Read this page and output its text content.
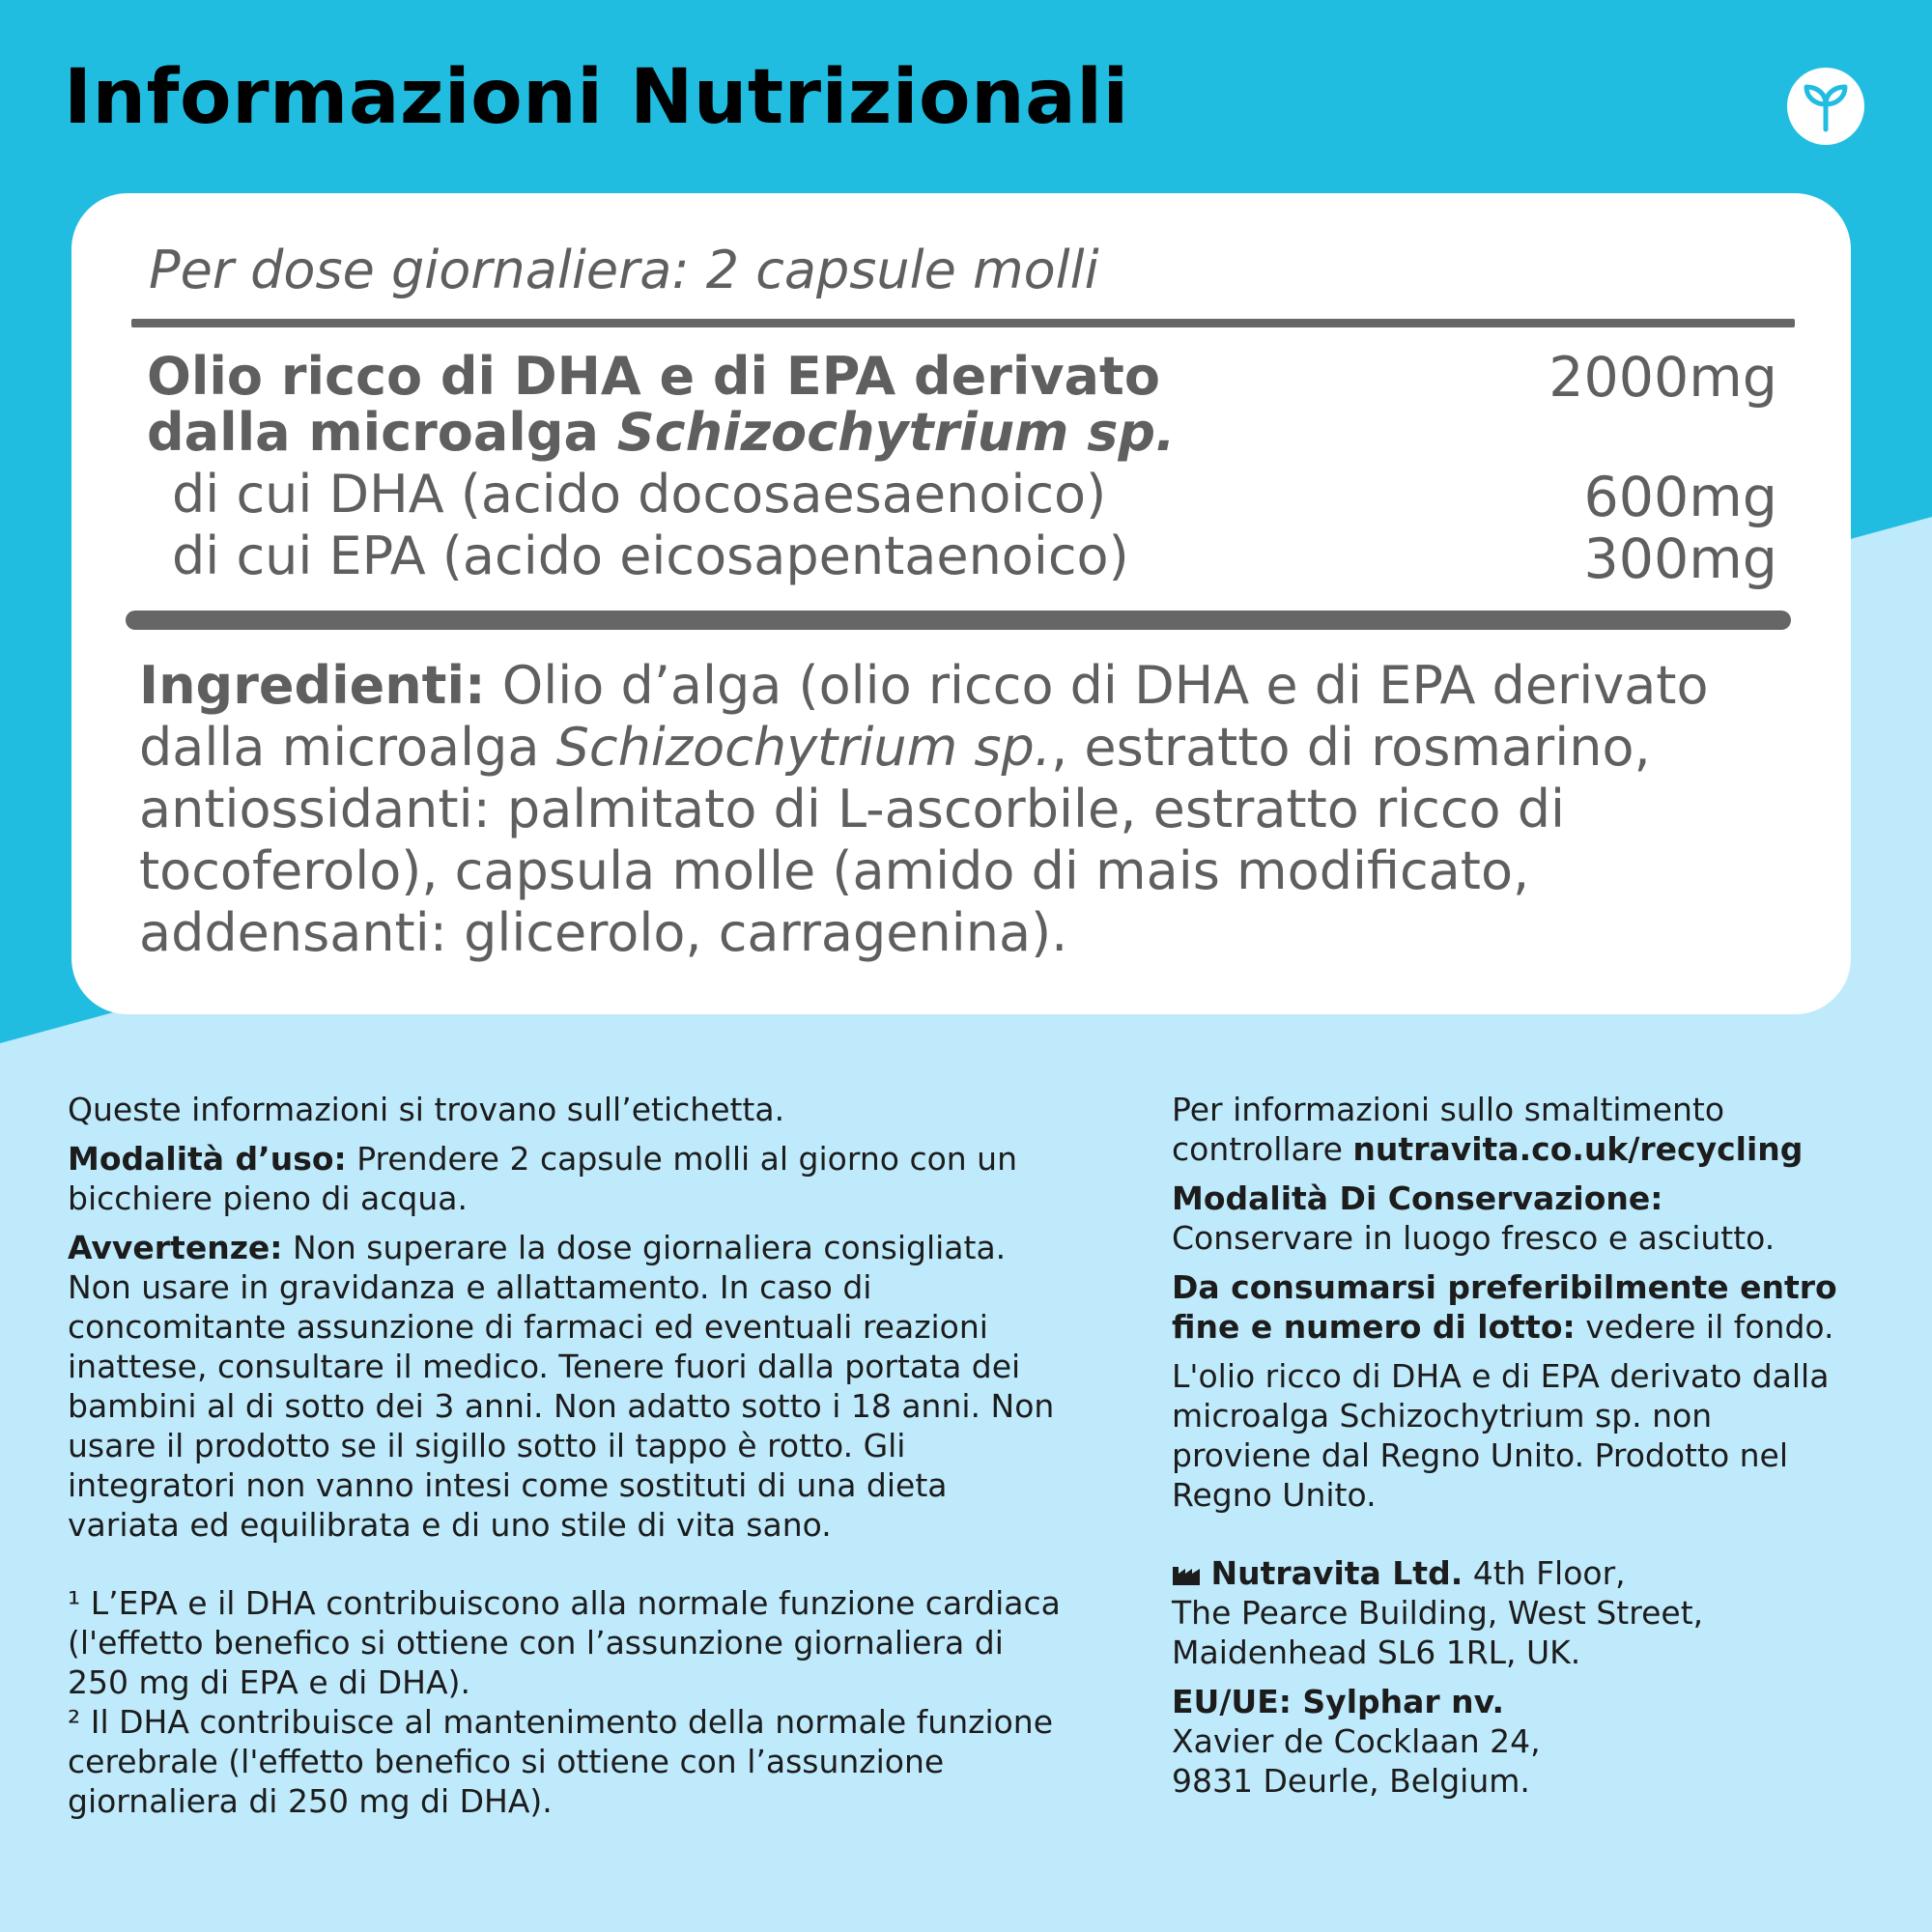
Informazioni Nutrizionali
Per dose giornaliera: 2 capsule molli
Olio ricco di DHA e di EPA derivato
dalla microalga Schizochytrium sp.
2000mg
di cui DHA (acido docosaesaenoico)	600mg
di cui EPA (acido eicosapentaenoico)	300mg
Ingredienti: Olio d’alga (olio ricco di DHA e di EPA derivato dalla microalga Schizochytrium sp., estratto di rosmarino, antiossidanti: palmitato di L-ascorbile, estratto ricco di tocoferolo), capsula molle (amido di mais modificato, addensanti: glicerolo, carragenina).

Queste informazioni si trovano sull’etichetta.

Modalità d’uso: Prendere 2 capsule molli al giorno con un bicchiere pieno di acqua.

Avvertenze: Non superare la dose giornaliera consigliata. Non usare in gravidanza e allattamento. In caso di concomitante assunzione di farmaci ed eventuali reazioni inattese, consultare il medico. Tenere fuori dalla portata dei bambini al di sotto dei 3 anni. Non adatto sotto i 18 anni. Non usare il prodotto se il sigillo sotto il tappo è rotto. Gli integratori non vanno intesi come sostituti di una dieta variata ed equilibrata e di uno stile di vita sano.

¹ L’EPA e il DHA contribuiscono alla normale funzione cardiaca (l'effetto benefico si ottiene con l’assunzione giornaliera di 250 mg di EPA e di DHA).

² Il DHA contribuisce al mantenimento della normale funzione cerebrale (l'effetto benefico si ottiene con l’assunzione giornaliera di 250 mg di DHA).

Per informazioni sullo smaltimento controllare nutravita.co.uk/recycling

Modalità Di Conservazione:
Conservare in luogo fresco e asciutto.

Da consumarsi preferibilmente entro fine e numero di lotto: vedere il fondo.

L'olio ricco di DHA e di EPA derivato dalla microalga Schizochytrium sp. non proviene dal Regno Unito. Prodotto nel Regno Unito.

Nutravita Ltd. 4th Floor,
The Pearce Building, West Street,
Maidenhead SL6 1RL, UK.

EU/UE: Sylphar nv.
Xavier de Cocklaan 24,
9831 Deurle, Belgium.
